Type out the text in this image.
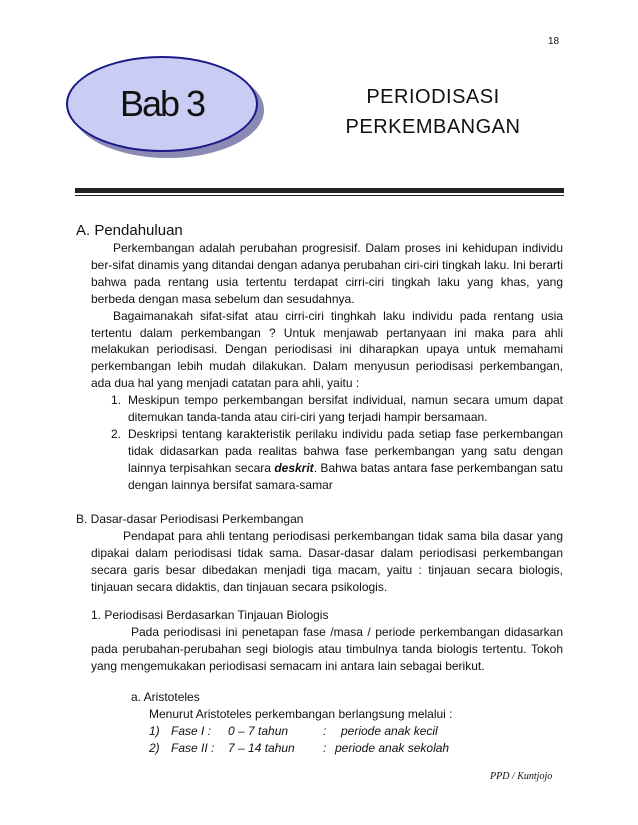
18
Bab 3	PERIODISASI
PERKEMBANGAN
A. Pendahuluan

Perkembangan adalah perubahan progresisif. Dalam proses ini kehidupan individu ber-sifat dinamis yang ditandai dengan adanya perubahan ciri-ciri tingkah laku. Ini berarti bahwa pada rentang usia tertentu terdapat cirri-ciri tingkah laku yang khas, yang berbeda dengan masa sebelum dan sesudahnya.

Bagaimanakah sifat-sifat atau cirri-ciri tinghkah laku individu pada rentang usia tertentu dalam perkembangan ? Untuk menjawab pertanyaan ini maka para ahli melakukan periodisasi. Dengan periodisasi ini diharapkan upaya untuk memahami perkembangan lebih mudah dilakukan. Dalam menyusun periodisasi perkembangan, ada dua hal yang menjadi catatan para ahli, yaitu :

1. Meskipun tempo perkembangan bersifat individual, namun secara umum dapat ditemukan tanda-tanda atau ciri-ciri yang terjadi hampir bersamaan.
2. Deskripsi tentang karakteristik perilaku individu pada setiap fase perkembangan tidak didasarkan pada realitas bahwa fase perkembangan yang satu dengan lainnya terpisahkan secara deskrit. Bahwa batas antara fase perkembangan satu dengan lainnya bersifat samara-samar
B. Dasar-dasar Periodisasi Perkembangan

Pendapat para ahli tentang periodisasi perkembangan tidak sama bila dasar yang dipakai dalam periodisasi tidak sama. Dasar-dasar dalam periodisasi perkembangan secara garis besar dibedakan menjadi tiga macam, yaitu : tinjauan secara biologis, tinjauan secara didaktis, dan tinjauan secara psikologis.

1. Periodisasi Berdasarkan Tinjauan Biologis

Pada periodisasi ini penetapan fase /masa / periode perkembangan didasarkan pada perubahan-perubahan segi biologis atau timbulnya tanda biologis tertentu. Tokoh yang mengemukakan periodisasi semacam ini antara lain sebagai berikut.

a. Aristoteles
Menurut Aristoteles perkembangan berlangsung melalui :
1) Fase I : 0 – 7 tahun	: periode anak kecil
2) Fase II : 7 – 14 tahun : periode anak sekolah
PPD / Kuntjojo
